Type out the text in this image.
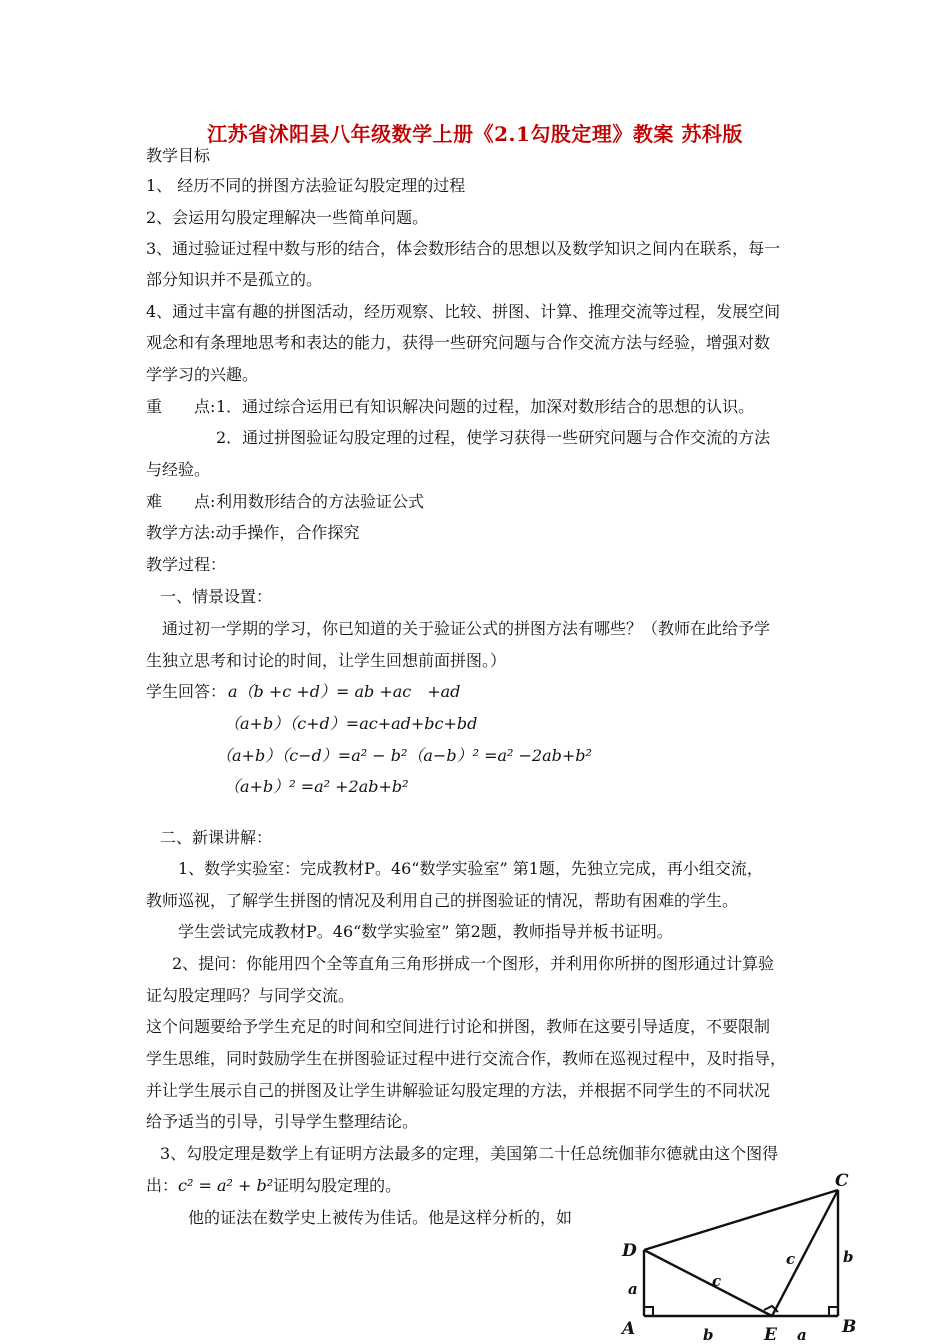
江苏省沭阳县八年级数学上册《2.1勾股定理》教案 苏科版
教学目标
1、 经历不同的拼图方法验证勾股定理的过程
2、会运用勾股定理解决一些简单问题。
3、通过验证过程中数与形的结合，体会数形结合的思想以及数学知识之间内在联系，每一
部分知识并不是孤立的。
4、通过丰富有趣的拼图活动，经历观察、比较、拼图、计算、推理交流等过程，发展空间
观念和有条理地思考和表达的能力，获得一些研究问题与合作交流方法与经验，增强对数
学学习的兴趣。
重　　点: 1．通过综合运用已有知识解决问题的过程，加深对数形结合的思想的认识。
2．通过拼图验证勾股定理的过程，使学习获得一些研究问题与合作交流的方法
与经验。
难　　点: 利用数形结合的方法验证公式
教学方法:动手操作，合作探究
教学过程：
一、情景设置：
通过初一学期的学习，你已知道的关于验证公式的拼图方法有哪些？（教师在此给予学
生独立思考和讨论的时间，让学生回想前面拼图。）
学生回答： a（b +c +d）= ab +ac　+ad
（a+b）（c+d）=ac+ad+bc+bd
（a+b）（c−d）=a² − b²（a−b）² =a² −2ab+b²
（a+b）² =a² +2ab+b²
二、新课讲解：
1、数学实验室：完成教材P。46“数学实验室” 第1题，先独立完成，再小组交流，
教师巡视，了解学生拼图的情况及利用自己的拼图验证的情况，帮助有困难的学生。
学生尝试完成教材P。46“数学实验室” 第2题，教师指导并板书证明。
2、提问：你能用四个全等直角三角形拼成一个图形，并利用你所拼的图形通过计算验
证勾股定理吗？与同学交流。
这个问题要给予学生充足的时间和空间进行讨论和拼图，教师在这要引导适度，不要限制
学生思维，同时鼓励学生在拼图验证过程中进行交流合作，教师在巡视过程中，及时指导，
并让学生展示自己的拼图及让学生讲解验证勾股定理的方法，并根据不同学生的不同状况
给予适当的引导，引导学生整理结论。
3、勾股定理是数学上有证明方法最多的定理，美国第二十任总统伽菲尔德就由这个图得
出：c² = a² + b²证明勾股定理的。
他的证法在数学史上被传为佳话。他是这样分析的，如
C
D
A	E	B
a	c
c	b
b	a
